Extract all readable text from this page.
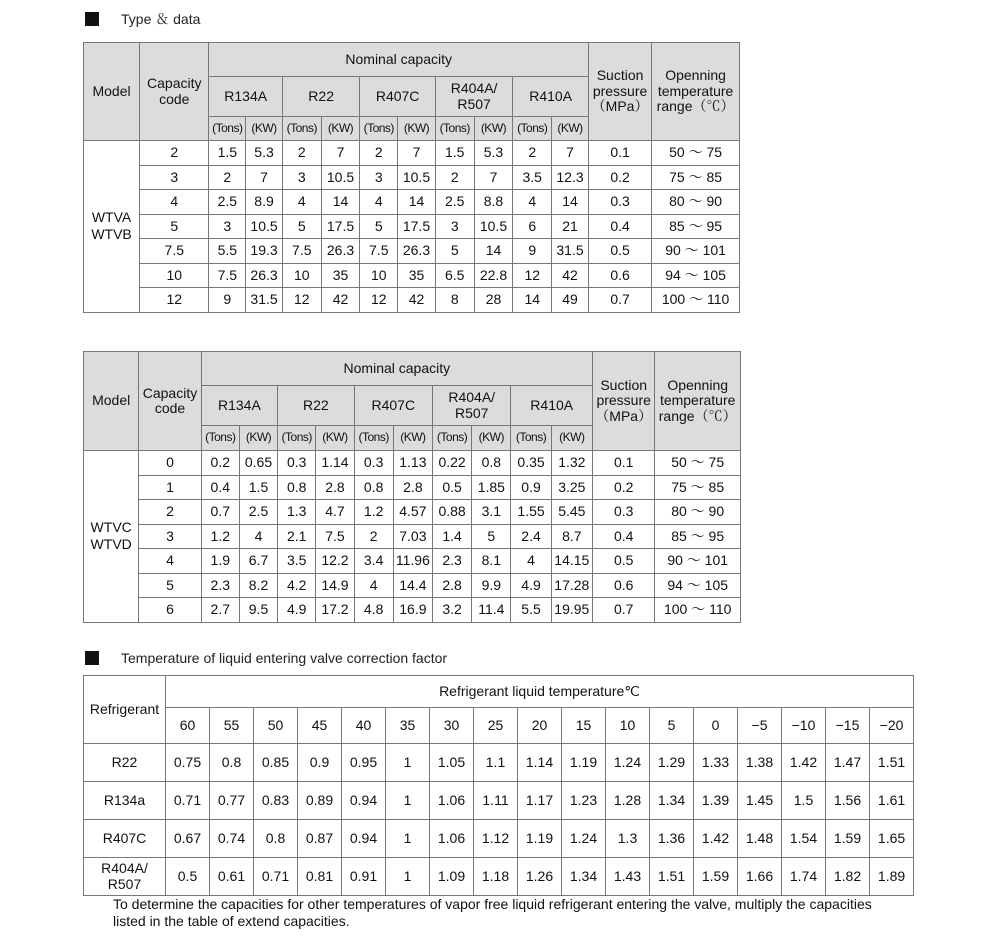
Type ＆ data
Model	Capacity code	Nominal capacity										Suction pressure（MPa）	Openning temperature range（℃）
		R134A		R22		R407C		R404A/ R507		R410A			
		(Tons)	(KW)	(Tons)	(KW)	(Tons)	(KW)	(Tons)	(KW)	(Tons)	(KW)		
WTVA WTVB	2	1.5	5.3	2	7	2	7	1.5	5.3	2	7	0.1	50 ～ 75
	3	2	7	3	10.5	3	10.5	2	7	3.5	12.3	0.2	75 ～ 85
	4	2.5	8.9	4	14	4	14	2.5	8.8	4	14	0.3	80 ～ 90
	5	3	10.5	5	17.5	5	17.5	3	10.5	6	21	0.4	85 ～ 95
	7.5	5.5	19.3	7.5	26.3	7.5	26.3	5	14	9	31.5	0.5	90 ～ 101
	10	7.5	26.3	10	35	10	35	6.5	22.8	12	42	0.6	94 ～ 105
	12	9	31.5	12	42	12	42	8	28	14	49	0.7	100 ～ 110
Model	Capacity code	Nominal capacity										Suction pressure（MPa）	Openning temperature range（℃）
		R134A		R22		R407C		R404A/ R507		R410A			
		(Tons)	(KW)	(Tons)	(KW)	(Tons)	(KW)	(Tons)	(KW)	(Tons)	(KW)		
WTVC WTVD	0	0.2	0.65	0.3	1.14	0.3	1.13	0.22	0.8	0.35	1.32	0.1	50 ～ 75
	1	0.4	1.5	0.8	2.8	0.8	2.8	0.5	1.85	0.9	3.25	0.2	75 ～ 85
	2	0.7	2.5	1.3	4.7	1.2	4.57	0.88	3.1	1.55	5.45	0.3	80 ～ 90
	3	1.2	4	2.1	7.5	2	7.03	1.4	5	2.4	8.7	0.4	85 ～ 95
	4	1.9	6.7	3.5	12.2	3.4	11.96	2.3	8.1	4	14.15	0.5	90 ～ 101
	5	2.3	8.2	4.2	14.9	4	14.4	2.8	9.9	4.9	17.28	0.6	94 ～ 105
	6	2.7	9.5	4.9	17.2	4.8	16.9	3.2	11.4	5.5	19.95	0.7	100 ～ 110
Temperature of liquid entering valve correction factor
Refrigerant	Refrigerant liquid temperature℃																
	60	55	50	45	40	35	30	25	20	15	10	5	0	−5	−10	−15	−20
R22	0.75	0.8	0.85	0.9	0.95	1	1.05	1.1	1.14	1.19	1.24	1.29	1.33	1.38	1.42	1.47	1.51
R134a	0.71	0.77	0.83	0.89	0.94	1	1.06	1.11	1.17	1.23	1.28	1.34	1.39	1.45	1.5	1.56	1.61
R407C	0.67	0.74	0.8	0.87	0.94	1	1.06	1.12	1.19	1.24	1.3	1.36	1.42	1.48	1.54	1.59	1.65
R404A/ R507	0.5	0.61	0.71	0.81	0.91	1	1.09	1.18	1.26	1.34	1.43	1.51	1.59	1.66	1.74	1.82	1.89
To determine the capacities for other temperatures of vapor free liquid refrigerant entering the valve, multiply the capacities listed in the table of extend capacities.
